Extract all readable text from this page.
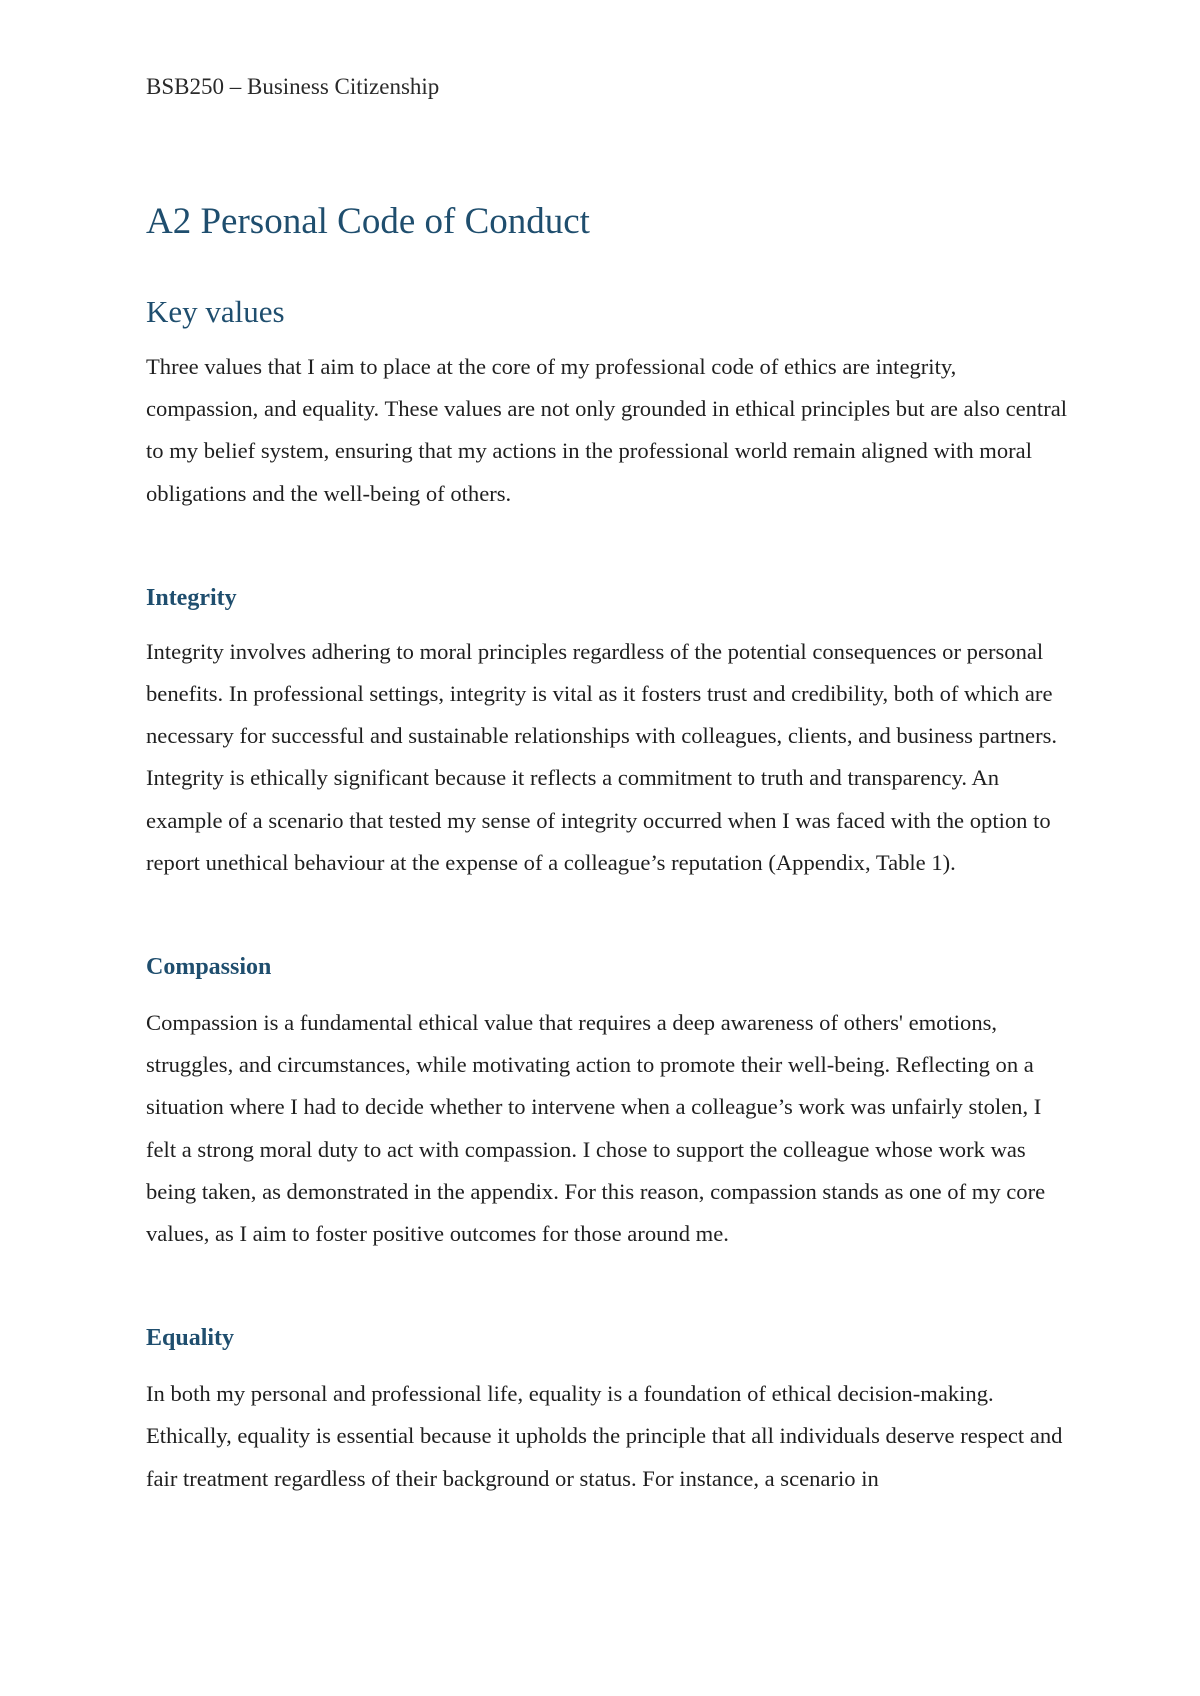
BSB250 – Business Citizenship
A2 Personal Code of Conduct
Key values

Three values that I aim to place at the core of my professional code of ethics are integrity, compassion, and equality. These values are not only grounded in ethical principles but are also central to my belief system, ensuring that my actions in the professional world remain aligned with moral obligations and the well-being of others.

Integrity

Integrity involves adhering to moral principles regardless of the potential consequences or personal benefits. In professional settings, integrity is vital as it fosters trust and credibility, both of which are necessary for successful and sustainable relationships with colleagues, clients, and business partners. Integrity is ethically significant because it reflects a commitment to truth and transparency. An example of a scenario that tested my sense of integrity occurred when I was faced with the option to report unethical behaviour at the expense of a colleague’s reputation (Appendix, Table 1).

Compassion

Compassion is a fundamental ethical value that requires a deep awareness of others' emotions, struggles, and circumstances, while motivating action to promote their well-being. Reflecting on a situation where I had to decide whether to intervene when a colleague’s work was unfairly stolen, I felt a strong moral duty to act with compassion. I chose to support the colleague whose work was being taken, as demonstrated in the appendix. For this reason, compassion stands as one of my core values, as I aim to foster positive outcomes for those around me.

Equality

In both my personal and professional life, equality is a foundation of ethical decision-making. Ethically, equality is essential because it upholds the principle that all individuals deserve respect and fair treatment regardless of their background or status. For instance, a scenario in
